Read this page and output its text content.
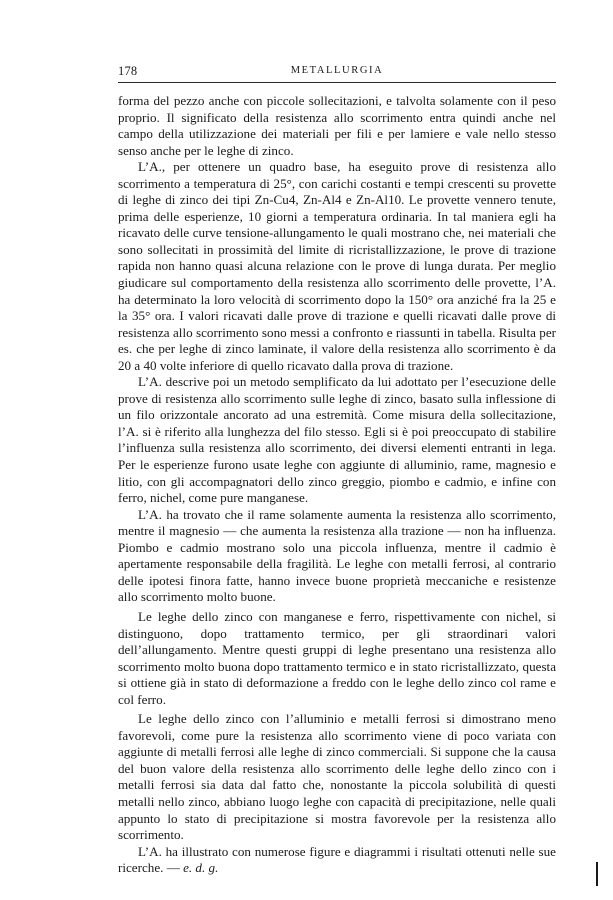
178	METALLURGIA

forma del pezzo anche con piccole sollecitazioni, e talvolta solamente con il peso proprio. Il significato della resistenza allo scorrimento entra quindi anche nel campo della utilizzazione dei materiali per fili e per lamiere e vale nello stesso senso anche per le leghe di zinco.

L’A., per ottenere un quadro base, ha eseguito prove di resistenza allo scorrimento a temperatura di 25°, con carichi costanti e tempi crescenti su provette di leghe di zinco dei tipi Zn-Cu4, Zn-Al4 e Zn-Al10. Le provette vennero tenute, prima delle esperienze, 10 giorni a temperatura ordinaria. In tal maniera egli ha ricavato delle curve tensione-allungamento le quali mostrano che, nei materiali che sono sollecitati in prossimità del limite di ricristallizzazione, le prove di trazione rapida non hanno quasi alcuna relazione con le prove di lunga durata. Per meglio giudicare sul comportamento della resistenza allo scorrimento delle provette, l’A. ha determinato la loro velocità di scorrimento dopo la 150° ora anziché fra la 25 e la 35° ora. I valori ricavati dalle prove di trazione e quelli ricavati dalle prove di resistenza allo scorrimento sono messi a confronto e riassunti in tabella. Risulta per es. che per leghe di zinco laminate, il valore della resistenza allo scorrimento è da 20 a 40 volte inferiore di quello ricavato dalla prova di trazione.

L’A. descrive poi un metodo semplificato da lui adottato per l’esecuzione delle prove di resistenza allo scorrimento sulle leghe di zinco, basato sulla inflessione di un filo orizzontale ancorato ad una estremità. Come misura della sollecitazione, l’A. si è riferito alla lunghezza del filo stesso. Egli si è poi preoccupato di stabilire l’influenza sulla resistenza allo scorrimento, dei diversi elementi entranti in lega. Per le esperienze furono usate leghe con aggiunte di alluminio, rame, magnesio e litio, con gli accompagnatori dello zinco greggio, piombo e cadmio, e infine con ferro, nichel, come pure manganese.

L’A. ha trovato che il rame solamente aumenta la resistenza allo scorrimento, mentre il magnesio — che aumenta la resistenza alla trazione — non ha influenza. Piombo e cadmio mostrano solo una piccola influenza, mentre il cadmio è apertamente responsabile della fragilità. Le leghe con metalli ferrosi, al contrario delle ipotesi finora fatte, hanno invece buone proprietà meccaniche e resistenze allo scorrimento molto buone.

Le leghe dello zinco con manganese e ferro, rispettivamente con nichel, si distinguono, dopo trattamento termico, per gli straordinari valori dell’allungamento. Mentre questi gruppi di leghe presentano una resistenza allo scorrimento molto buona dopo trattamento termico e in stato ricristallizzato, questa si ottiene già in stato di deformazione a freddo con le leghe dello zinco col rame e col ferro.

Le leghe dello zinco con l’alluminio e metalli ferrosi si dimostrano meno favorevoli, come pure la resistenza allo scorrimento viene di poco variata con aggiunte di metalli ferrosi alle leghe di zinco commerciali. Si suppone che la causa del buon valore della resistenza allo scorrimento delle leghe dello zinco con i metalli ferrosi sia data dal fatto che, nonostante la piccola solubilità di questi metalli nello zinco, abbiano luogo leghe con capacità di precipitazione, nelle quali appunto lo stato di precipitazione si mostra favorevole per la resistenza allo scorrimento.

L’A. ha illustrato con numerose figure e diagrammi i risultati ottenuti nelle sue ricerche. — e. d. g.
